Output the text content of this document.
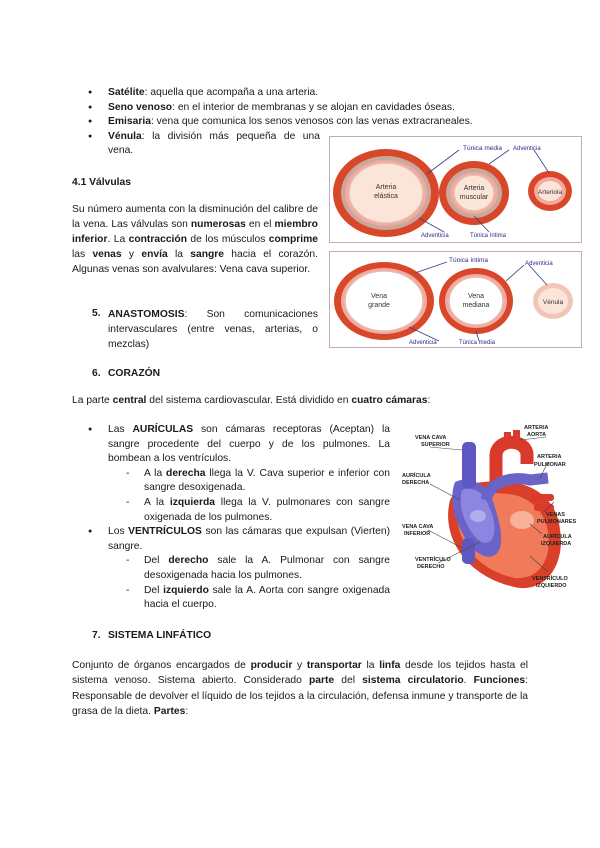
● Satélite: aquella que acompaña a una arteria.
● Seno venoso: en el interior de membranas y se alojan en cavidades óseas.
● Emisaria: vena que comunica los senos venosos con las venas extracraneales.
● Vénula: la división más pequeña de una vena.
4.1 Válvulas

Su número aumenta con la disminución del calibre de la vena. Las válvulas son numerosas en el miembro inferior. La contracción de los músculos comprime las venas y envía la sangre hacia el corazón. Algunas venas son avalvulares: Vena cava superior.

5. ANASTOMOSIS: Son comunicaciones intervasculares (entre venas, arterias, o mezclas)

6. CORAZÓN

La parte central del sistema cardiovascular. Está dividido en cuatro cámaras:

● Las AURÍCULAS son cámaras receptoras (Aceptan) la sangre procedente del cuerpo y de los pulmones. La bombean a los ventrículos.
- A la derecha llega la V. Cava superior e inferior con sangre desoxigenada.
- A la izquierda llega la V. pulmonares con sangre oxigenada de los pulmones.
● Los VENTRÍCULOS son las cámaras que expulsan (Vierten) sangre.
- Del derecho sale la A. Pulmonar con sangre desoxigenada hacia los pulmones.
- Del izquierdo sale la A. Aorta con sangre oxigenada hacia el cuerpo.
7. SISTEMA LINFÁTICO

Conjunto de órganos encargados de producir y transportar la linfa desde los tejidos hasta el sistema venoso. Sistema abierto. Considerado parte del sistema circulatorio. Funciones: Responsable de devolver el líquido de los tejidos a la circulación, defensa inmune y transporte de la grasa de la dieta. Partes:

Túnica media Adventicia
Arteria
elástica
Arteria
muscular
Arteriola
Adventicia	Túnica íntima
Túnica íntima	Adventicia
Vena
grande
Vena
mediana	Vénula
Adventicia	Túnica media
VENA CAVA
SUPERIOR
ARTERIA
AORTA
ARTERIA
PULMONAR
AURÍCULA
DERECHA
VENAS
PULMONARES
VENA CAVA
INFERIOR	AURÍCULA
IZQUIERDA
VENTRÍCULO
DERECHO
VENTRÍCULO
IZQUIERDO
